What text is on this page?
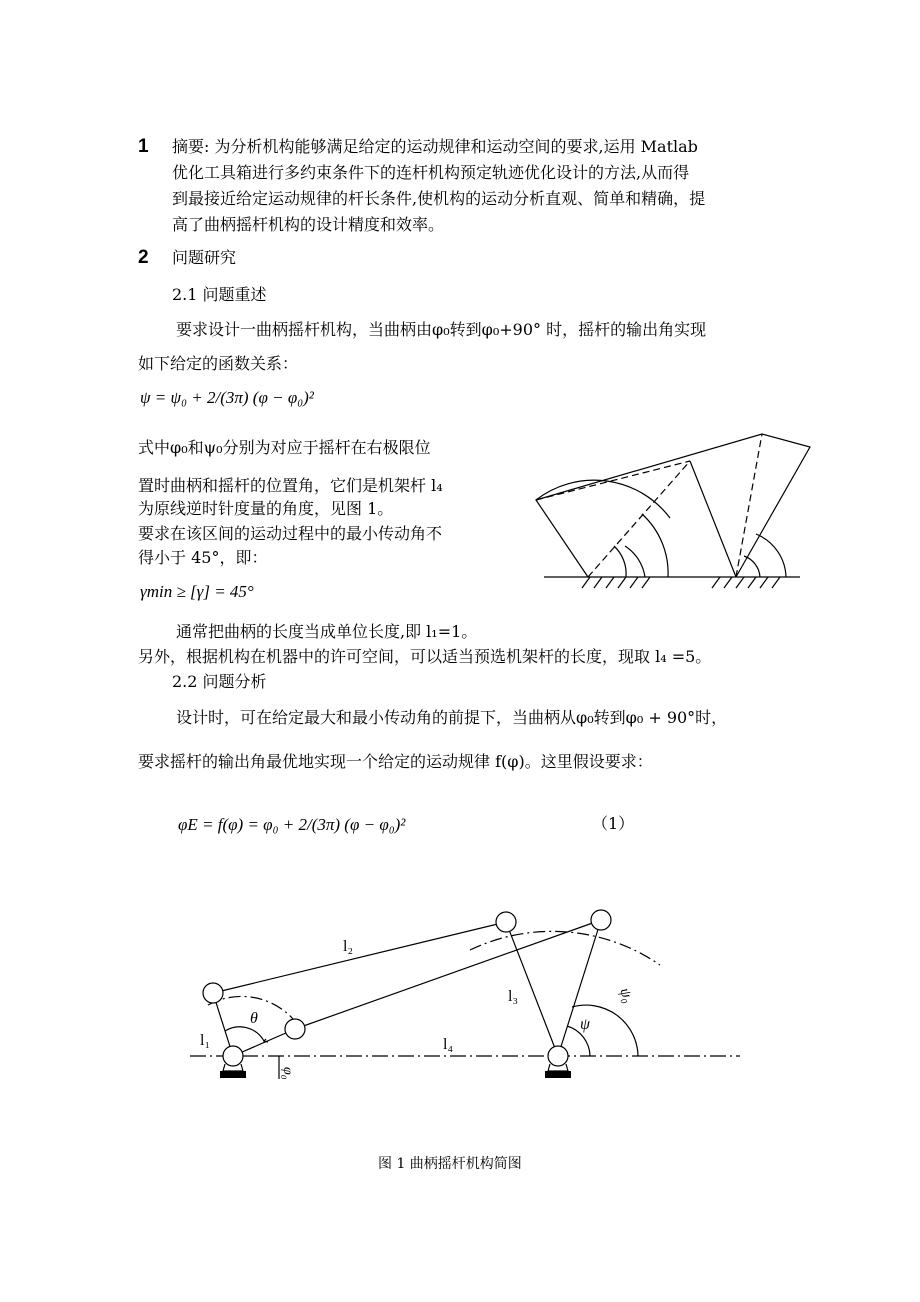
1 摘要: 为分析机构能够满足给定的运动规律和运动空间的要求,运用 Matlab
优化工具箱进行多约束条件下的连杆机构预定轨迹优化设计的方法,从而得
到最接近给定运动规律的杆长条件,使机构的运动分析直观、简单和精确，提
高了曲柄摇杆机构的设计精度和效率。
2 问题研究
2.1 问题重述
要求设计一曲柄摇杆机构，当曲柄由φ₀转到φ₀+90° 时，摇杆的输出角实现
如下给定的函数关系：
ψ = ψ₀ + 2/(3π) (φ − φ₀)²
式中φ₀和ψ₀分别为对应于摇杆在右极限位
置时曲柄和摇杆的位置角，它们是机架杆 l₄
为原线逆时针度量的角度，见图 1。
要求在该区间的运动过程中的最小传动角不
得小于 45°，即：
γmin ≥ [γ] = 45°
通常把曲柄的长度当成单位长度,即 l₁=1。
另外，根据机构在机器中的许可空间，可以适当预选机架杆的长度，现取 l₄ =5。
2.2 问题分析
设计时，可在给定最大和最小传动角的前提下，当曲柄从φ₀转到φ₀ + 90°时，
要求摇杆的输出角最优地实现一个给定的运动规律 f(φ)。这里假设要求：
φE = f(φ) = φ₀ + 2/(3π) (φ − φ₀)²	（1）
l₁
l₂
l₃
l₄
θ	ψ
φ₀
ψ₀
图 1 曲柄摇杆机构简图
